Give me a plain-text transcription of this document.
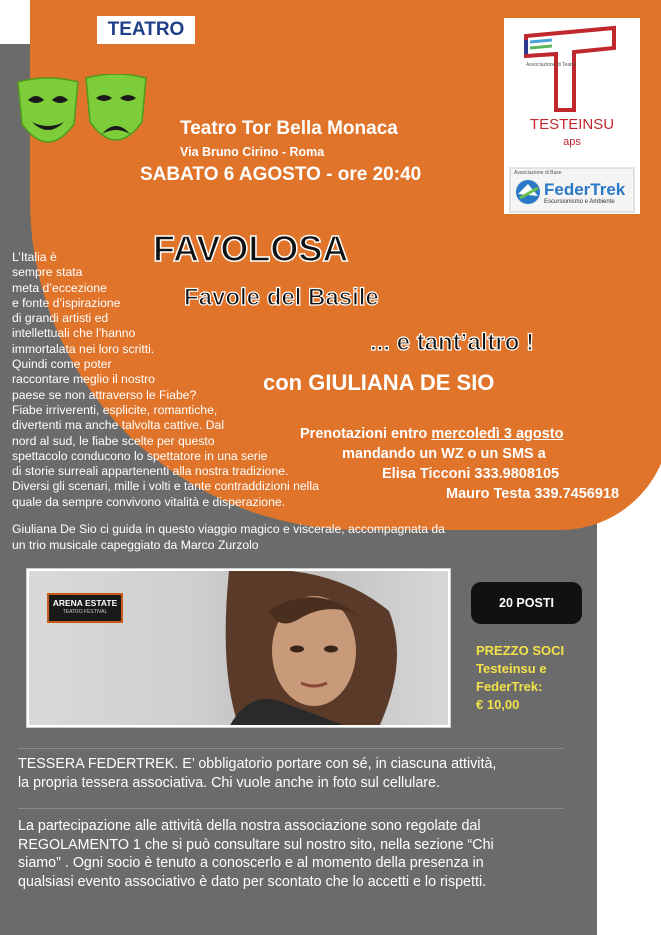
TEATRO
TESTEINSU
aps
Associazione di Teatro
FederTrek
Escursionismo e Ambiente
Associazione di Base
Teatro Tor Bella Monaca
Via Bruno Cirino - Roma
SABATO 6 AGOSTO - ore 20:40
FAVOLOSA
Favole del Basile
... e tant’altro !
con GIULIANA DE SIO
L’Italia è
sempre stata
meta d’eccezione
e fonte d’ispirazione
di grandi artisti ed
intellettuali che l’hanno
immortalata nei loro scritti.
Quindi come poter
raccontare meglio il nostro
paese se non attraverso le Fiabe?
Fiabe irriverenti, esplicite, romantiche,
divertenti ma anche talvolta cattive. Dal
nord al sud, le fiabe scelte per questo
spettacolo conducono lo spettatore in una serie
di storie surreali appartenenti alla nostra tradizione.
Diversi gli scenari, mille i volti e tante contraddizioni nella
quale da sempre convivono vitalità e disperazione.
Prenotazioni entro mercoledì 3 agosto
mandando un WZ o un SMS a
Elisa Ticconi 333.9808105
Mauro Testa 339.7456918
Giuliana De Sio ci guida in questo viaggio magico e viscerale, accompagnata da
un trio musicale capeggiato da Marco Zurzolo
ARENA ESTATE
TEATRO FESTIVAL
20 POSTI
PREZZO SOCI
Testeinsu e
FederTrek:
€ 10,00
TESSERA FEDERTREK. E’ obbligatorio portare con sé, in ciascuna attività,
la propria tessera associativa. Chi vuole anche in foto sul cellulare.
La partecipazione alle attività della nostra associazione sono regolate dal
REGOLAMENTO 1 che si può consultare sul nostro sito, nella sezione “Chi
siamo” . Ogni socio è tenuto a conoscerlo e al momento della presenza in
qualsiasi evento associativo è dato per scontato che lo accetti e lo rispetti.
